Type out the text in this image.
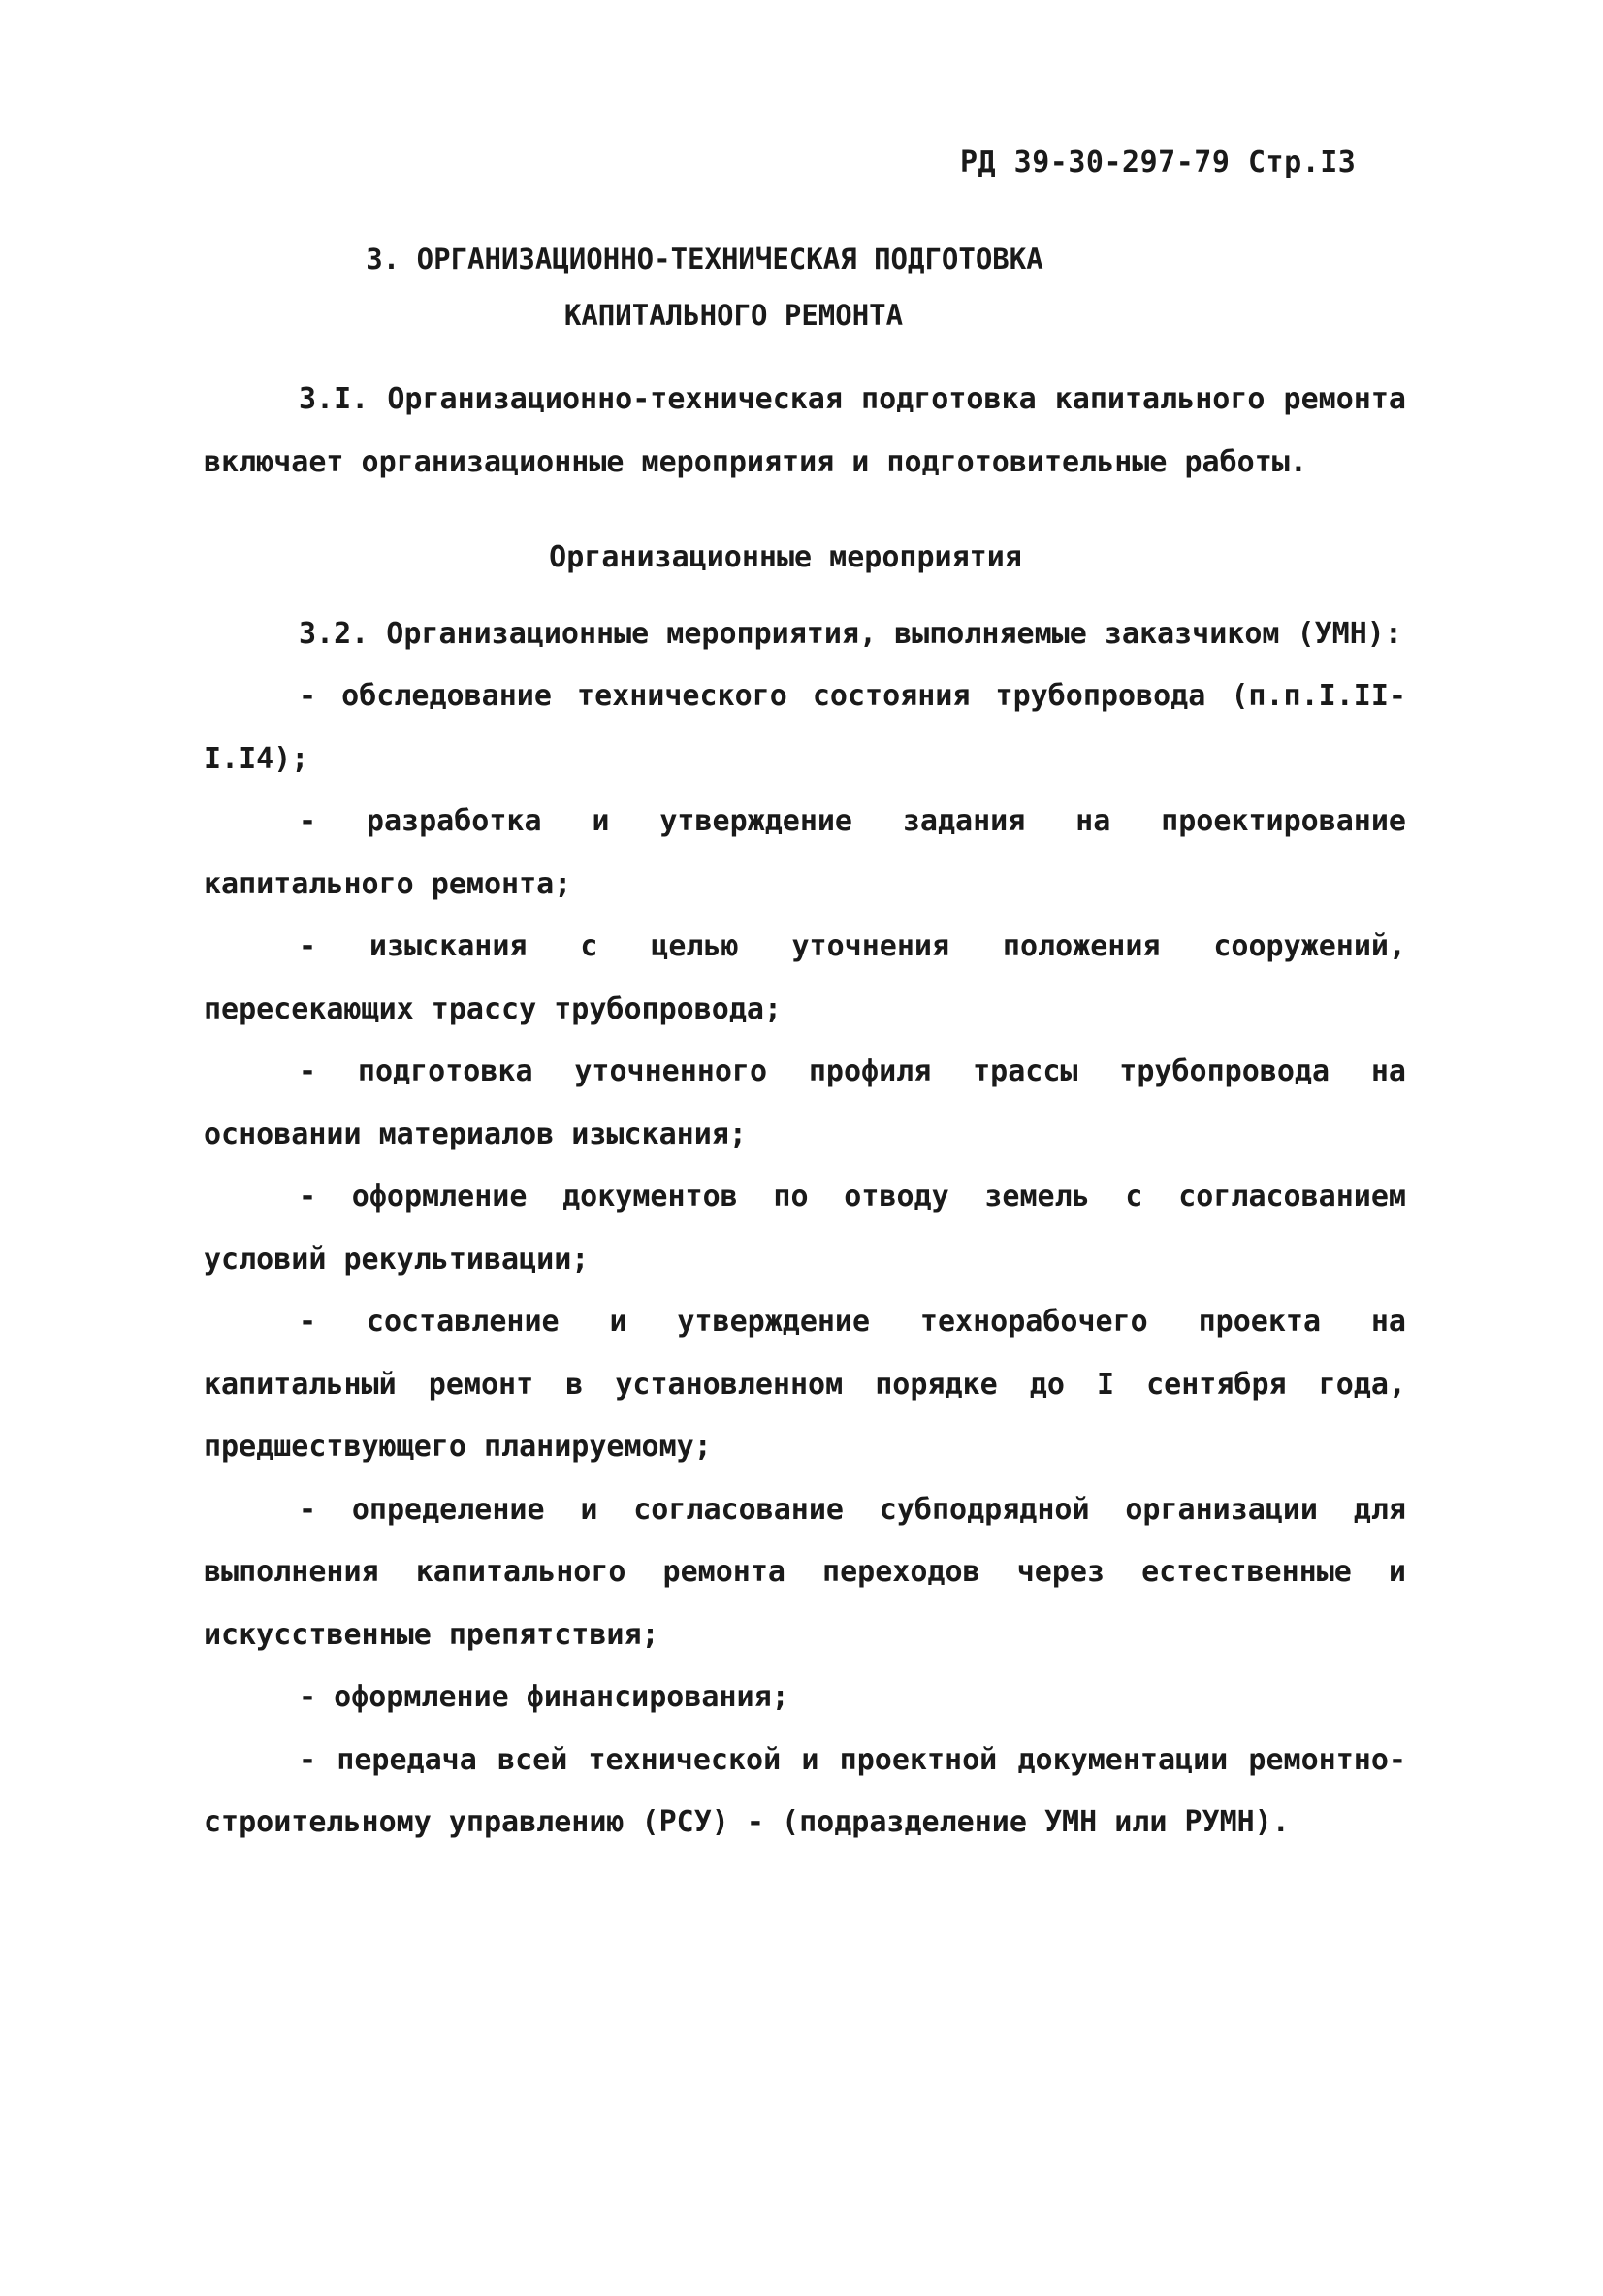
РД 39-30-297-79 Стр.I3
3. ОРГАНИЗАЦИОННО-ТЕХНИЧЕСКАЯ ПОДГОТОВКА
КАПИТАЛЬНОГО РЕМОНТА

3.I. Организационно-техническая подготовка капитального ремонта включает организационные мероприятия и подготовительные работы.

Организационные мероприятия

3.2. Организационные мероприятия, выполняемые заказчиком (УМН):

- обследование технического состояния трубопровода (п.п.I.II-I.I4);

- разработка и утверждение задания на проектирование капитального ремонта;

- изыскания с целью уточнения положения сооружений, пересекающих трассу трубопровода;

- подготовка уточненного профиля трассы трубопровода на основании материалов изыскания;

- оформление документов по отводу земель с согласованием условий рекультивации;

- составление и утверждение технорабочего проекта на капитальный ремонт в установленном порядке до I сентября года, предшествующего планируемому;

- определение и согласование субподрядной организации для выполнения капитального ремонта переходов через естественные и искусственные препятствия;

- оформление финансирования;

- передача всей технической и проектной документации ремонтно-строительному управлению (РСУ) - (подразделение УМН или РУМН).
